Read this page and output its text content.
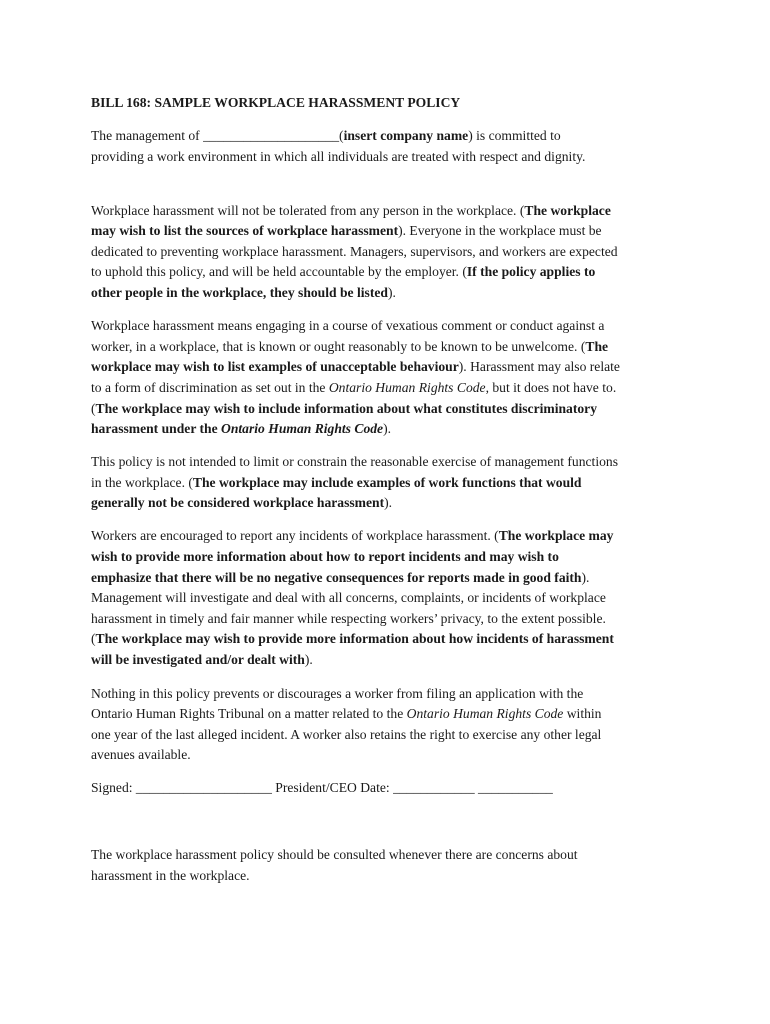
BILL 168: SAMPLE WORKPLACE HARASSMENT POLICY

The management of ____________________(insert company name) is committed to

providing a work environment in which all individuals are treated with respect and dignity.

Workplace harassment will not be tolerated from any person in the workplace. (The workplace

may wish to list the sources of workplace harassment). Everyone in the workplace must be

dedicated to preventing workplace harassment. Managers, supervisors, and workers are expected

to uphold this policy, and will be held accountable by the employer. (If the policy applies to

other people in the workplace, they should be listed).

Workplace harassment means engaging in a course of vexatious comment or conduct against a

worker, in a workplace, that is known or ought reasonably to be known to be unwelcome. (The

workplace may wish to list examples of unacceptable behaviour). Harassment may also relate

to a form of discrimination as set out in the Ontario Human Rights Code, but it does not have to.

(The workplace may wish to include information about what constitutes discriminatory

harassment under the Ontario Human Rights Code).

This policy is not intended to limit or constrain the reasonable exercise of management functions

in the workplace. (The workplace may include examples of work functions that would

generally not be considered workplace harassment).

Workers are encouraged to report any incidents of workplace harassment. (The workplace may

wish to provide more information about how to report incidents and may wish to

emphasize that there will be no negative consequences for reports made in good faith).

Management will investigate and deal with all concerns, complaints, or incidents of workplace

harassment in timely and fair manner while respecting workers’ privacy, to the extent possible.

(The workplace may wish to provide more information about how incidents of harassment

will be investigated and/or dealt with).

Nothing in this policy prevents or discourages a worker from filing an application with the

Ontario Human Rights Tribunal on a matter related to the Ontario Human Rights Code within

one year of the last alleged incident. A worker also retains the right to exercise any other legal

avenues available.

Signed: ____________________ President/CEO Date: ____________ ___________

The workplace harassment policy should be consulted whenever there are concerns about

harassment in the workplace.
